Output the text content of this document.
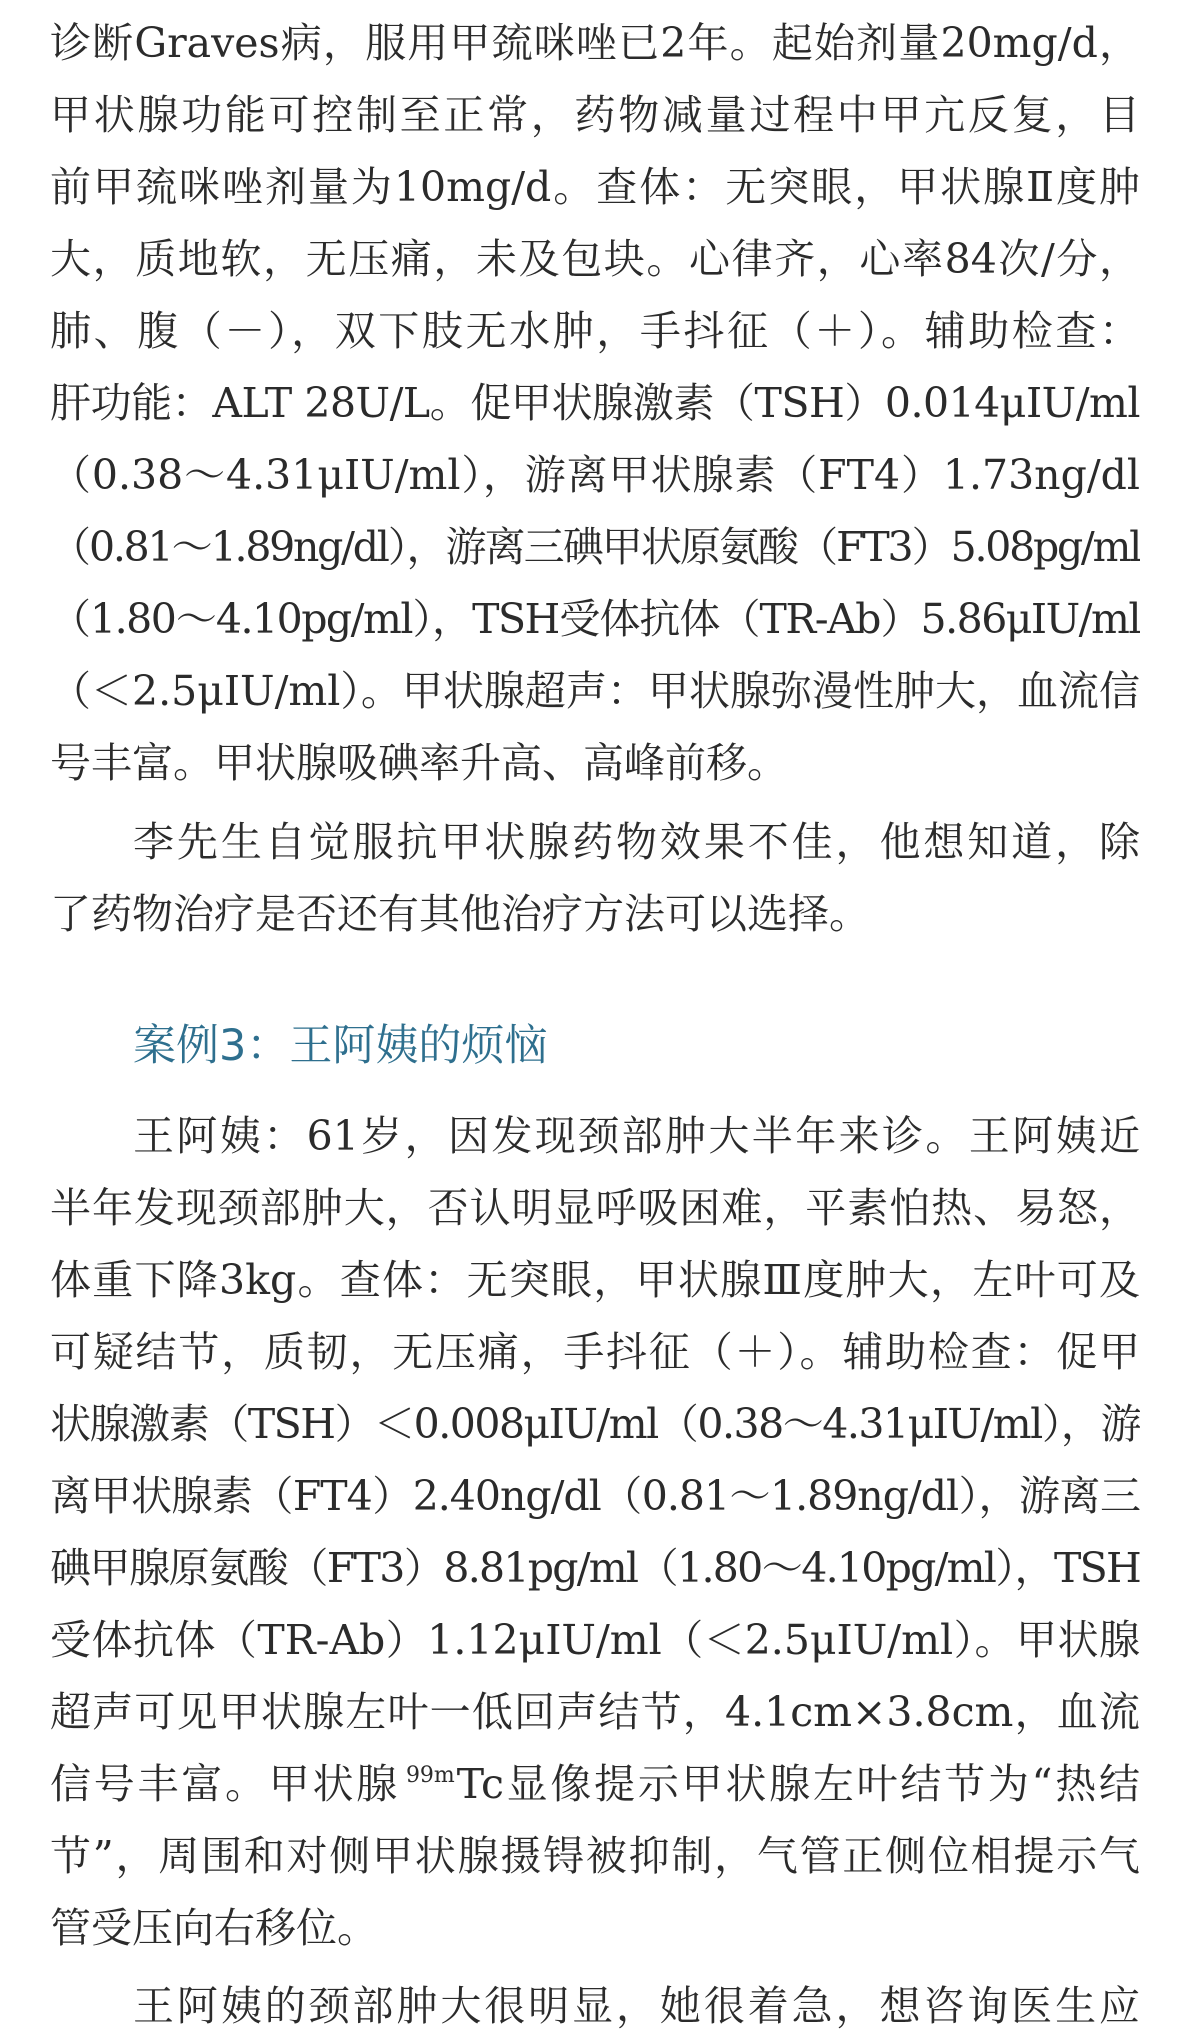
诊断Graves病，服用甲巯咪唑已2年。起始剂量20mg/d，
甲状腺功能可控制至正常，药物减量过程中甲亢反复，目
前甲巯咪唑剂量为10mg/d。查体：无突眼，甲状腺Ⅱ度肿
大，质地软，无压痛，未及包块。心律齐，心率84次/分，
肺、腹（－），双下肢无水肿，手抖征（＋）。辅助检查：
肝功能：ALT 28U/L。促甲状腺激素（TSH）0.014μIU/ml
（0.38～4.31μIU/ml），游离甲状腺素（FT4）1.73ng/dl
（0.81～1.89ng/dl），游离三碘甲状原氨酸（FT3）5.08pg/ml
（1.80～4.10pg/ml），TSH受体抗体（TR-Ab）5.86μIU/ml
（＜2.5μIU/ml）。甲状腺超声：甲状腺弥漫性肿大，血流信
号丰富。甲状腺吸碘率升高、高峰前移。
李先生自觉服抗甲状腺药物效果不佳，他想知道，除
了药物治疗是否还有其他治疗方法可以选择。
案例3：王阿姨的烦恼
王阿姨：61岁，因发现颈部肿大半年来诊。王阿姨近
半年发现颈部肿大，否认明显呼吸困难，平素怕热、易怒，
体重下降3kg。查体：无突眼，甲状腺Ⅲ度肿大，左叶可及
可疑结节，质韧，无压痛，手抖征（＋）。辅助检查：促甲
状腺激素（TSH）＜0.008μIU/ml（0.38～4.31μIU/ml），游
离甲状腺素（FT4）2.40ng/dl（0.81～1.89ng/dl），游离三
碘甲腺原氨酸（FT3）8.81pg/ml（1.80～4.10pg/ml），TSH
受体抗体（TR-Ab）1.12μIU/ml（＜2.5μIU/ml）。甲状腺
超声可见甲状腺左叶一低回声结节，4.1cm×3.8cm，血流
信号丰富。甲状腺 $^{99m}$Tc显像提示甲状腺左叶结节为“热结
节”，周围和对侧甲状腺摄锝被抑制，气管正侧位相提示气
管受压向右移位。
王阿姨的颈部肿大很明显，她很着急，想咨询医生应
